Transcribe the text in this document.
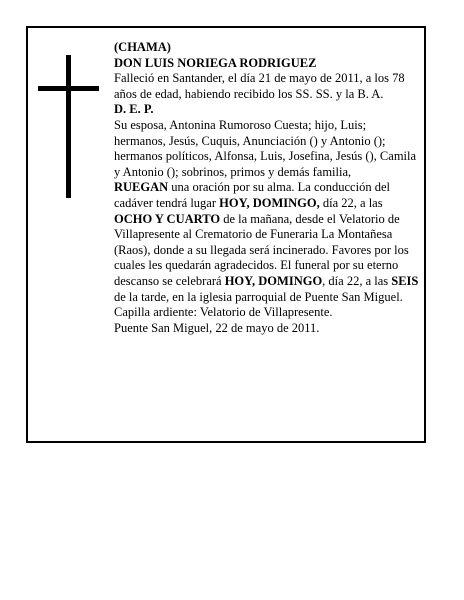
(CHAMA)

DON LUIS NORIEGA RODRIGUEZ

Falleció en Santander, el día 21 de mayo de 2011, a los 78 años de edad, habiendo recibido los SS. SS. y la B. A.

D. E. P.

Su esposa, Antonina Rumoroso Cuesta; hijo, Luis; hermanos, Jesús, Cuquis, Anunciación () y Antonio (); hermanos políticos, Alfonsa, Luis, Josefina, Jesús (), Camila y Antonio (); sobrinos, primos y demás familia,
RUEGAN una oración por su alma. La conducción del cadáver tendrá lugar HOY, DOMINGO, día 22, a las OCHO Y CUARTO de la mañana, desde el Velatorio de Villapresente al Crematorio de Funeraria La Montañesa (Raos), donde a su llegada será incinerado. Favores por los cuales les quedarán agradecidos. El funeral por su eterno descanso se celebrará HOY, DOMINGO, día 22, a las SEIS de la tarde, en la iglesia parroquial de Puente San Miguel. Capilla ardiente: Velatorio de Villapresente.

Puente San Miguel, 22 de mayo de 2011.
